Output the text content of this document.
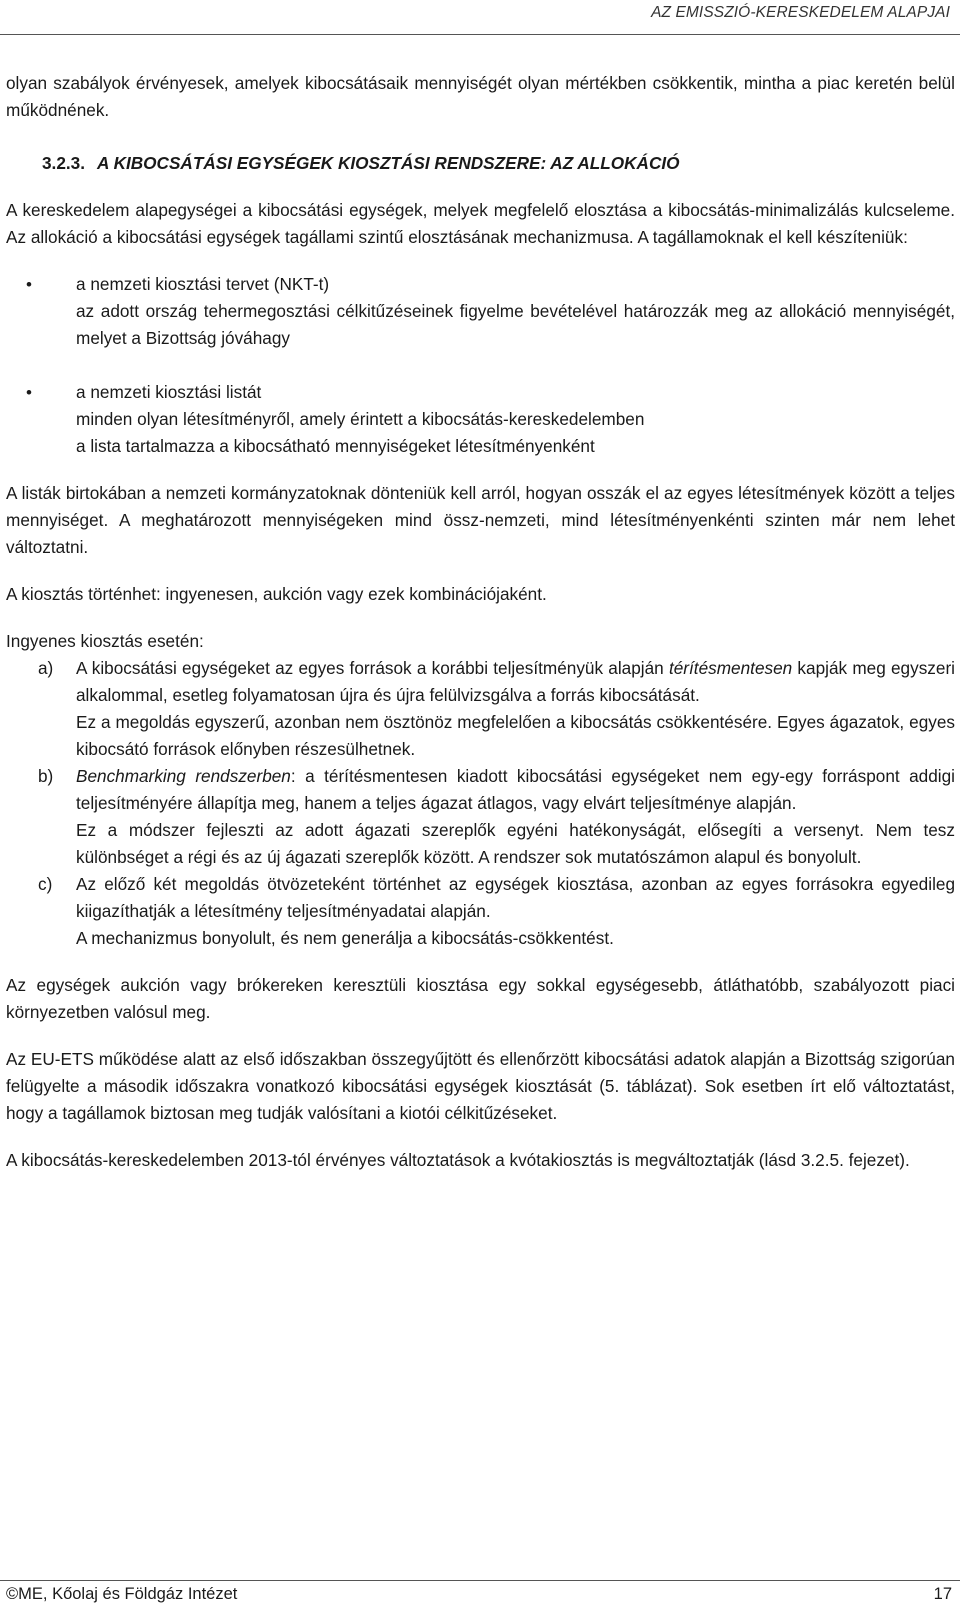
AZ EMISSZIÓ-KERESKEDELEM ALAPJAI

olyan szabályok érvényesek, amelyek kibocsátásaik mennyiségét olyan mértékben csökkentik, mintha a piac keretén belül működnének.

3.2.3. A KIBOCSÁTÁSI EGYSÉGEK KIOSZTÁSI RENDSZERE: AZ ALLOKÁCIÓ

A kereskedelem alapegységei a kibocsátási egységek, melyek megfelelő elosztása a kibocsátás-minimalizálás kulcseleme. Az allokáció a kibocsátási egységek tagállami szintű elosztásának mechanizmusa. A tagállamoknak el kell készíteniük:

•	a nemzeti kiosztási tervet (NKT-t)
az adott ország tehermegosztási célkitűzéseinek figyelme bevételével határozzák meg az allokáció mennyiségét, melyet a Bizottság jóváhagy
•	a nemzeti kiosztási listát
minden olyan létesítményről, amely érintett a kibocsátás-kereskedelemben
a lista tartalmazza a kibocsátható mennyiségeket létesítményenként

A listák birtokában a nemzeti kormányzatoknak dönteniük kell arról, hogyan osszák el az egyes létesítmények között a teljes mennyiséget. A meghatározott mennyiségeken mind össz-nemzeti, mind létesítményenkénti szinten már nem lehet változtatni.

A kiosztás történhet: ingyenesen, aukción vagy ezek kombinációjaként.

Ingyenes kiosztás esetén:

a) A kibocsátási egységeket az egyes források a korábbi teljesítményük alapján térítésmentesen kapják meg egyszeri alkalommal, esetleg folyamatosan újra és újra felülvizsgálva a forrás kibocsátását.
Ez a megoldás egyszerű, azonban nem ösztönöz megfelelően a kibocsátás csökkentésére. Egyes ágazatok, egyes kibocsátó források előnyben részesülhetnek.
b) Benchmarking rendszerben: a térítésmentesen kiadott kibocsátási egységeket nem egy-egy forráspont addigi teljesítményére állapítja meg, hanem a teljes ágazat átlagos, vagy elvárt teljesítménye alapján.
Ez a módszer fejleszti az adott ágazati szereplők egyéni hatékonyságát, elősegíti a versenyt. Nem tesz különbséget a régi és az új ágazati szereplők között. A rendszer sok mutatószámon alapul és bonyolult.
c) Az előző két megoldás ötvözeteként történhet az egységek kiosztása, azonban az egyes forrásokra egyedileg kiigazíthatják a létesítmény teljesítményadatai alapján.
A mechanizmus bonyolult, és nem generálja a kibocsátás-csökkentést.

Az egységek aukción vagy brókereken keresztüli kiosztása egy sokkal egységesebb, átláthatóbb, szabályozott piaci környezetben valósul meg.

Az EU-ETS működése alatt az első időszakban összegyűjtött és ellenőrzött kibocsátási adatok alapján a Bizottság szigorúan felügyelte a második időszakra vonatkozó kibocsátási egységek kiosztását (5. táblázat). Sok esetben írt elő változtatást, hogy a tagállamok biztosan meg tudják valósítani a kiotói célkitűzéseket.

A kibocsátás-kereskedelemben 2013-tól érvényes változtatások a kvótakiosztás is megváltoztatják (lásd 3.2.5. fejezet).

©ME, Kőolaj és Földgáz Intézet	17
